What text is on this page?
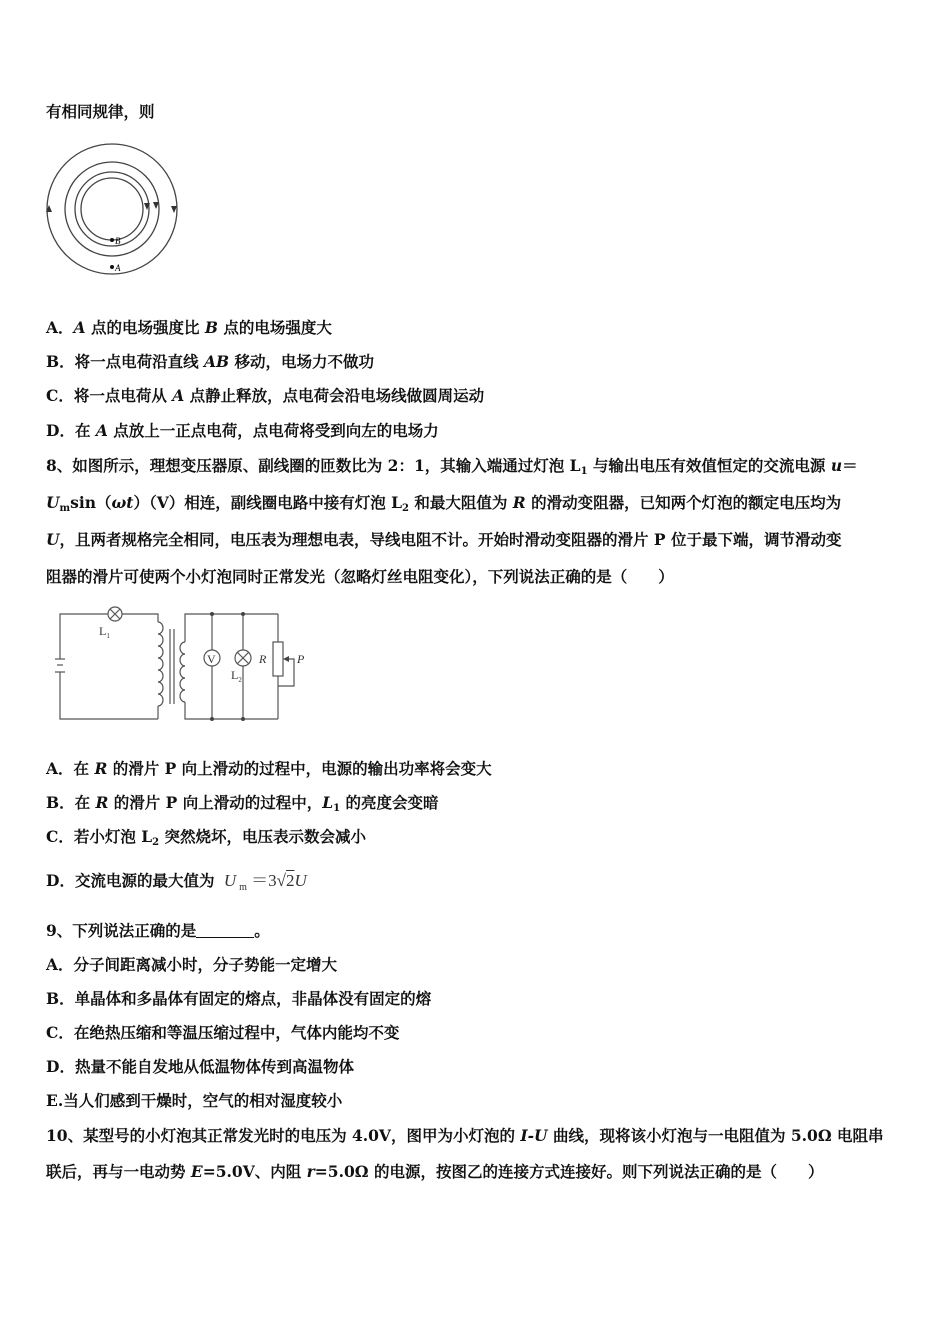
有相同规律，则
B
A
A．A 点的电场强度比 B 点的电场强度大
B．将一点电荷沿直线 AB 移动，电场力不做功
C．将一点电荷从 A 点静止释放，点电荷会沿电场线做圆周运动
D．在 A 点放上一正点电荷，点电荷将受到向左的电场力
8、如图所示，理想变压器原、副线圈的匝数比为 2：1，其输入端通过灯泡 $L_1$ 与输出电压有效值恒定的交流电源 u＝
$U_m\sin(\omega t)(V)$相连，副线圈电路中接有灯泡 $L_2$ 和最大阻值为 R 的滑动变阻器，已知两个灯泡的额定电压均为
U，且两者规格完全相同，电压表为理想电表，导线电阻不计。开始时滑动变阻器的滑片 P 位于最下端，调节滑动变
阻器的滑片可使两个小灯泡同时正常发光（忽略灯丝电阻变化），下列说法正确的是（　　）
V
$L_1$
$L_2$
R	P
A．在 R 的滑片 P 向上滑动的过程中，电源的输出功率将会变大
B．在 R 的滑片 P 向上滑动的过程中，$L_1$ 的亮度会变暗
C．若小灯泡 $L_2$ 突然烧坏，电压表示数会减小
D．交流电源的最大值为 U $_m$ ＝3√2U
9、下列说法正确的是	。
A．分子间距离减小时，分子势能一定增大
B．单晶体和多晶体有固定的熔点，非晶体没有固定的熔
C．在绝热压缩和等温压缩过程中，气体内能均不变
D．热量不能自发地从低温物体传到高温物体
E.当人们感到干燥时，空气的相对湿度较小
10、某型号的小灯泡其正常发光时的电压为 4.0V，图甲为小灯泡的 I-U 曲线，现将该小灯泡与一电阻值为 5.0Ω 电阻串
联后，再与一电动势 E=5.0V、内阻 r=5.0Ω 的电源，按图乙的连接方式连接好。则下列说法正确的是（　　）
